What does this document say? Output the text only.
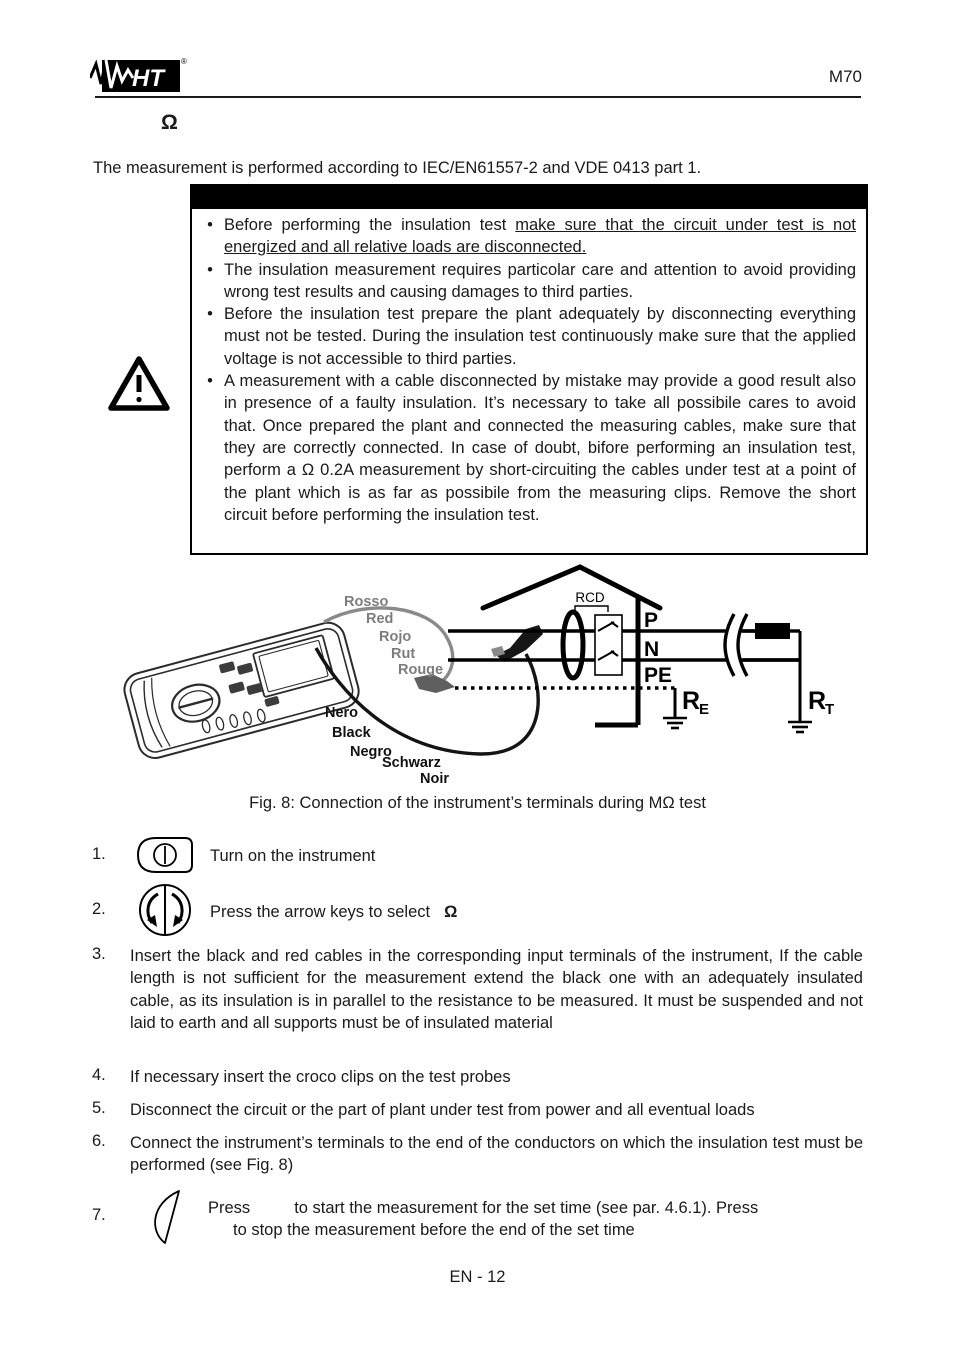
HT
®
M70
Ω
The measurement is performed according to IEC/EN61557-2 and VDE 0413 part 1.
• Before performing the insulation test make sure that the circuit under test is not energized and all relative loads are disconnected.
• The insulation measurement requires particolar care and attention to avoid providing wrong test results and causing damages to third parties.
• Before the insulation test prepare the plant adequately by disconnecting everything must not be tested. During the insulation test continuously make sure that the applied voltage is not accessible to third parties.
• A measurement with a cable disconnected by mistake may provide a good result also in presence of a faulty insulation. It’s necessary to take all possibile cares to avoid that. Once prepared the plant and connected the measuring cables, make sure that they are correctly connected. In case of doubt, bifore performing an insulation test, perform a Ω 0.2A measurement by short-circuiting the cables under test at a point of the plant which is as far as possibile from the measuring clips. Remove the short circuit before performing the insulation test.
Rosso
Red
Rojo
Rut
Rouge
Nero
Black
Negro
Schwarz
Noir
RCD
P
N
PE
R
E	R
T
Fig. 8: Connection of the instrument’s terminals during MΩ test
1.	Turn on the instrument
2.	Press the arrow keys to select Ω
3. Insert the black and red cables in the corresponding input terminals of the instrument, If the cable length is not sufficient for the measurement extend the black one with an adequately insulated cable, as its insulation is in parallel to the resistance to be measured. It must be suspended and not laid to earth and all supports must be of insulated material
4. If necessary insert the croco clips on the test probes
5. Disconnect the circuit or the part of plant under test from power and all eventual loads
6. Connect the instrument’s terminals to the end of the conductors on which the insulation test must be performed (see Fig. 8)
7.	Press	to start the measurement for the set time (see par. 4.6.1). Press
to stop the measurement before the end of the set time
EN - 12
